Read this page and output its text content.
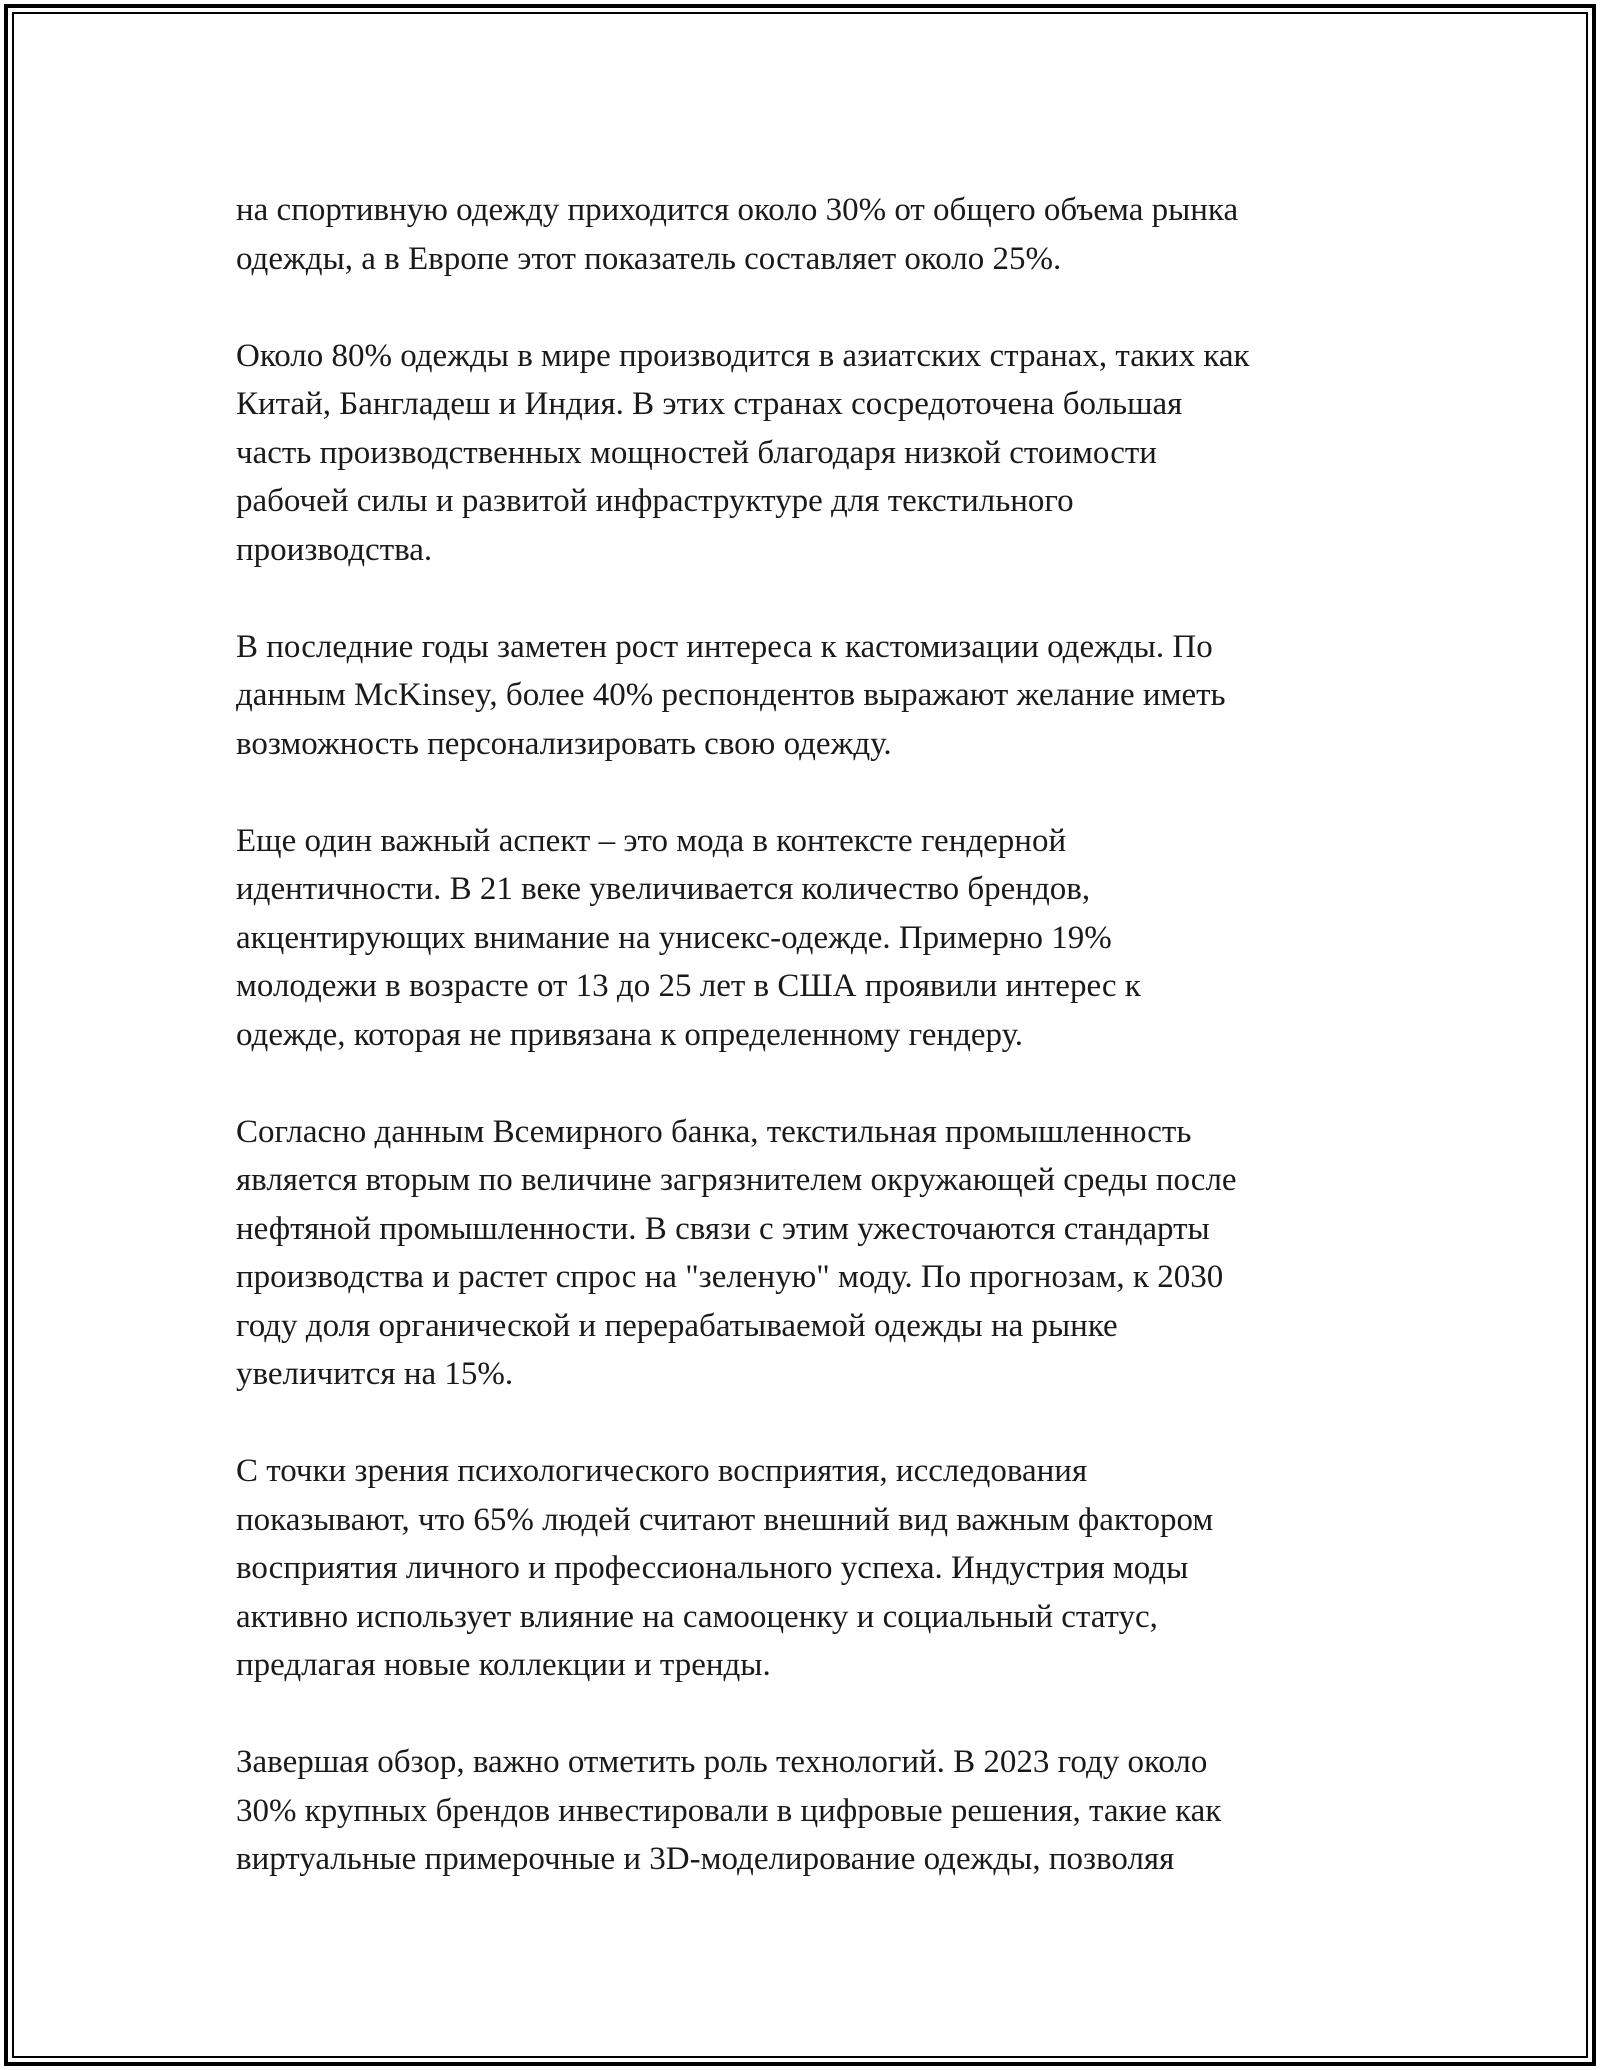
на спортивную одежду приходится около 30% от общего объема рынка
одежды, а в Европе этот показатель составляет около 25%.

Около 80% одежды в мире производится в азиатских странах, таких как
Китай, Бангладеш и Индия. В этих странах сосредоточена большая
часть производственных мощностей благодаря низкой стоимости
рабочей силы и развитой инфраструктуре для текстильного
производства.

В последние годы заметен рост интереса к кастомизации одежды. По
данным McKinsey, более 40% респондентов выражают желание иметь
возможность персонализировать свою одежду.

Еще один важный аспект – это мода в контексте гендерной
идентичности. В 21 веке увеличивается количество брендов,
акцентирующих внимание на унисекс-одежде. Примерно 19%
молодежи в возрасте от 13 до 25 лет в США проявили интерес к
одежде, которая не привязана к определенному гендеру.

Согласно данным Всемирного банка, текстильная промышленность
является вторым по величине загрязнителем окружающей среды после
нефтяной промышленности. В связи с этим ужесточаются стандарты
производства и растет спрос на "зеленую" моду. По прогнозам, к 2030
году доля органической и перерабатываемой одежды на рынке
увеличится на 15%.

С точки зрения психологического восприятия, исследования
показывают, что 65% людей считают внешний вид важным фактором
восприятия личного и профессионального успеха. Индустрия моды
активно использует влияние на самооценку и социальный статус,
предлагая новые коллекции и тренды.

Завершая обзор, важно отметить роль технологий. В 2023 году около
30% крупных брендов инвестировали в цифровые решения, такие как
виртуальные примерочные и 3D-моделирование одежды, позволяя
